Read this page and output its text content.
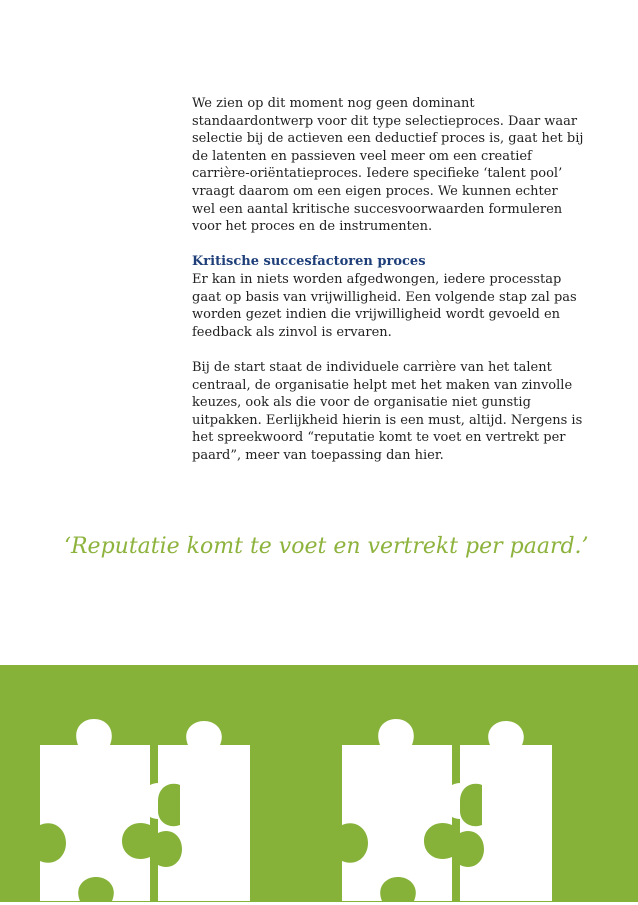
We zien op dit moment nog geen dominant standaardontwerp voor dit type selectieproces. Daar waar selectie bij de actieven een deductief proces is, gaat het bij de latenten en passieven veel meer om een creatief carrière-oriëntatieproces. Iedere specifieke ‘talent pool’ vraagt daarom om een eigen proces. We kunnen echter wel een aantal kritische succesvoorwaarden formuleren voor het proces en de instrumenten.

Kritische succesfactoren proces
Er kan in niets worden afgedwongen, iedere processtap gaat op basis van vrijwilligheid. Een volgende stap zal pas worden gezet indien die vrijwilligheid wordt gevoeld en feedback als zinvol is ervaren.

Bij de start staat de individuele carrière van het talent centraal, de organisatie helpt met het maken van zinvolle keuzes, ook als die voor de organisatie niet gunstig uitpakken. Eerlijkheid hierin is een must, altijd. Nergens is het spreekwoord “reputatie komt te voet en vertrekt per paard”, meer van toepassing dan hier.

‘Reputatie komt te voet en vertrekt per paard.’
